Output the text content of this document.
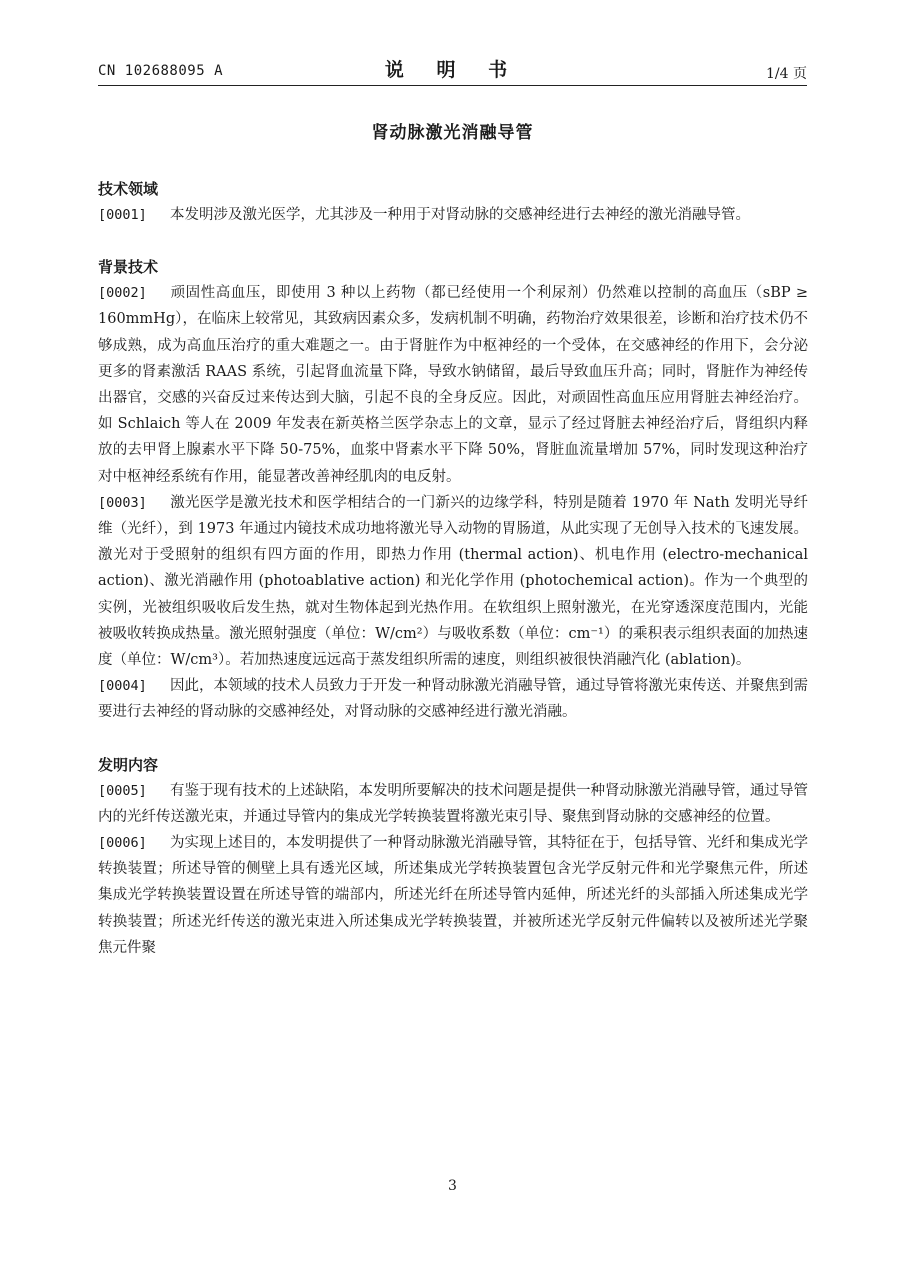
CN 102688095 A	说 明 书	1/4 页
肾动脉激光消融导管

技术领域

[0001] 本发明涉及激光医学，尤其涉及一种用于对肾动脉的交感神经进行去神经的激光消融导管。

背景技术

[0002] 顽固性高血压，即使用 3 种以上药物（都已经使用一个利尿剂）仍然难以控制的高血压（sBP ≥ 160mmHg），在临床上较常见，其致病因素众多，发病机制不明确，药物治疗效果很差，诊断和治疗技术仍不够成熟，成为高血压治疗的重大难题之一。由于肾脏作为中枢神经的一个受体，在交感神经的作用下，会分泌更多的肾素激活 RAAS 系统，引起肾血流量下降，导致水钠储留，最后导致血压升高；同时，肾脏作为神经传出器官，交感的兴奋反过来传达到大脑，引起不良的全身反应。因此，对顽固性高血压应用肾脏去神经治疗。如 Schlaich 等人在 2009 年发表在新英格兰医学杂志上的文章，显示了经过肾脏去神经治疗后，肾组织内释放的去甲肾上腺素水平下降 50-75%，血浆中肾素水平下降 50%，肾脏血流量增加 57%，同时发现这种治疗对中枢神经系统有作用，能显著改善神经肌肉的电反射。

[0003] 激光医学是激光技术和医学相结合的一门新兴的边缘学科，特别是随着 1970 年 Nath 发明光导纤维（光纤），到 1973 年通过内镜技术成功地将激光导入动物的胃肠道，从此实现了无创导入技术的飞速发展。激光对于受照射的组织有四方面的作用，即热力作用 (thermal action)、机电作用 (electro-mechanical action)、激光消融作用 (photoablative action) 和光化学作用 (photochemical action)。作为一个典型的实例，光被组织吸收后发生热，就对生物体起到光热作用。在软组织上照射激光，在光穿透深度范围内，光能被吸收转换成热量。激光照射强度（单位：W/cm²）与吸收系数（单位：cm⁻¹）的乘积表示组织表面的加热速度（单位：W/cm³）。若加热速度远远高于蒸发组织所需的速度，则组织被很快消融汽化 (ablation)。

[0004] 因此，本领域的技术人员致力于开发一种肾动脉激光消融导管，通过导管将激光束传送、并聚焦到需要进行去神经的肾动脉的交感神经处，对肾动脉的交感神经进行激光消融。

发明内容

[0005] 有鉴于现有技术的上述缺陷，本发明所要解决的技术问题是提供一种肾动脉激光消融导管，通过导管内的光纤传送激光束，并通过导管内的集成光学转换装置将激光束引导、聚焦到肾动脉的交感神经的位置。

[0006] 为实现上述目的，本发明提供了一种肾动脉激光消融导管，其特征在于，包括导管、光纤和集成光学转换装置；所述导管的侧壁上具有透光区域，所述集成光学转换装置包含光学反射元件和光学聚焦元件，所述集成光学转换装置设置在所述导管的端部内，所述光纤在所述导管内延伸，所述光纤的头部插入所述集成光学转换装置；所述光纤传送的激光束进入所述集成光学转换装置，并被所述光学反射元件偏转以及被所述光学聚焦元件聚

3
